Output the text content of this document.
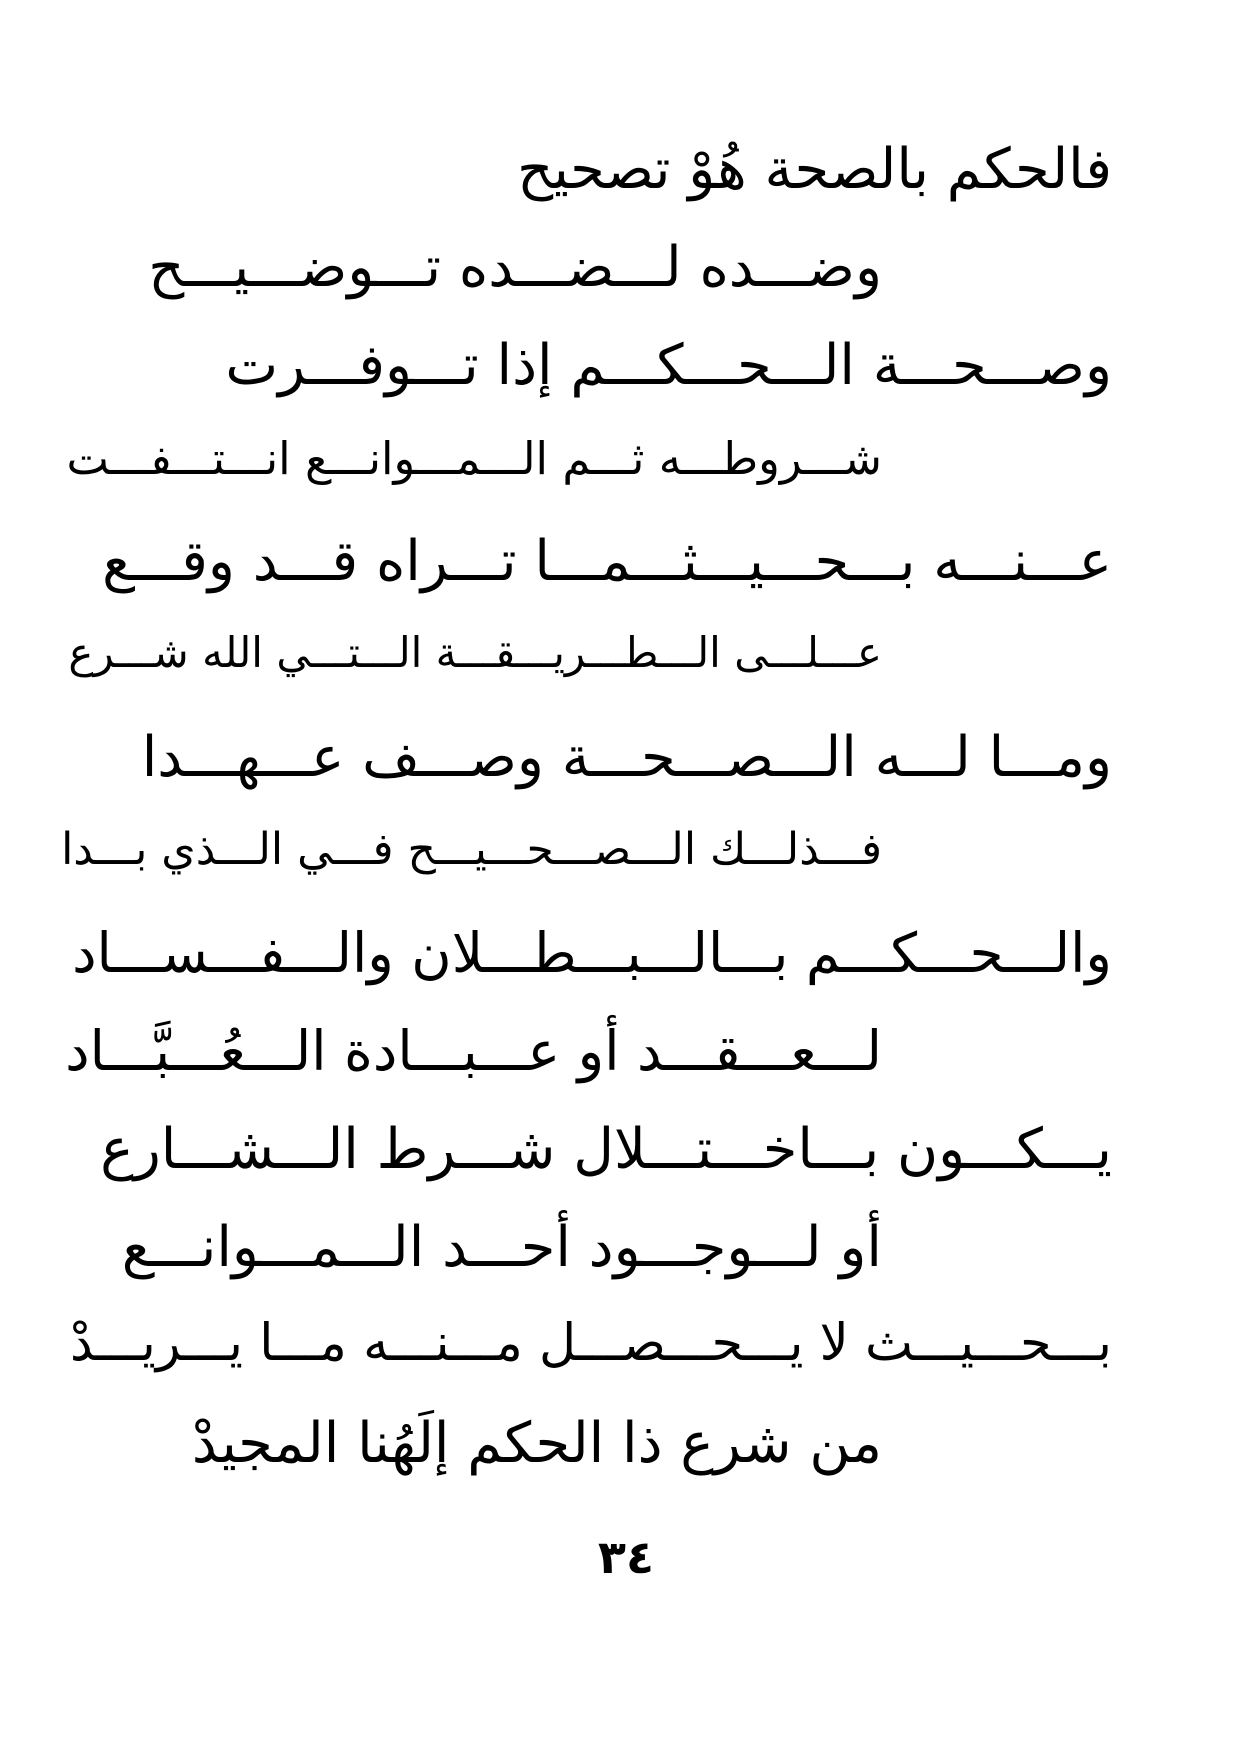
فالحكم بالصحة هُوْ تصحيح
وضـــده لـــضـــده تـــوضـــيـــح
وصـــحـــة الـــحـــكـــم إذا تـــوفـــرت
شـــروطـــه ثـــم الـــمـــوانـــع انـــتـــفـــت
عـــنـــه بـــحـــيـــثـــمـــا تـــراه قـــد وقـــع
عـــلـــى الـــطـــريـــقـــة الـــتـــي الله شـــرع
ومـــا لـــه الـــصـــحـــة وصـــف عـــهـــدا
فـــذلـــك الـــصـــحـــيـــح فـــي الـــذي بـــدا
والـــحـــكـــم بـــالـــبـــطـــلان والـــفـــســـاد
لـــعـــقـــد أو عـــبـــادة الـــعُـــبَّـــاد
يـــكـــون بـــاخـــتـــلال شـــرط الـــشـــارع
أو لـــوجـــود أحـــد الـــمـــوانـــع
بـــحـــيـــث لا يـــحـــصـــل مـــنـــه مـــا يـــريـــدْ
من شرع ذا الحكم إلَهُنا المجيدْ
٣٤
